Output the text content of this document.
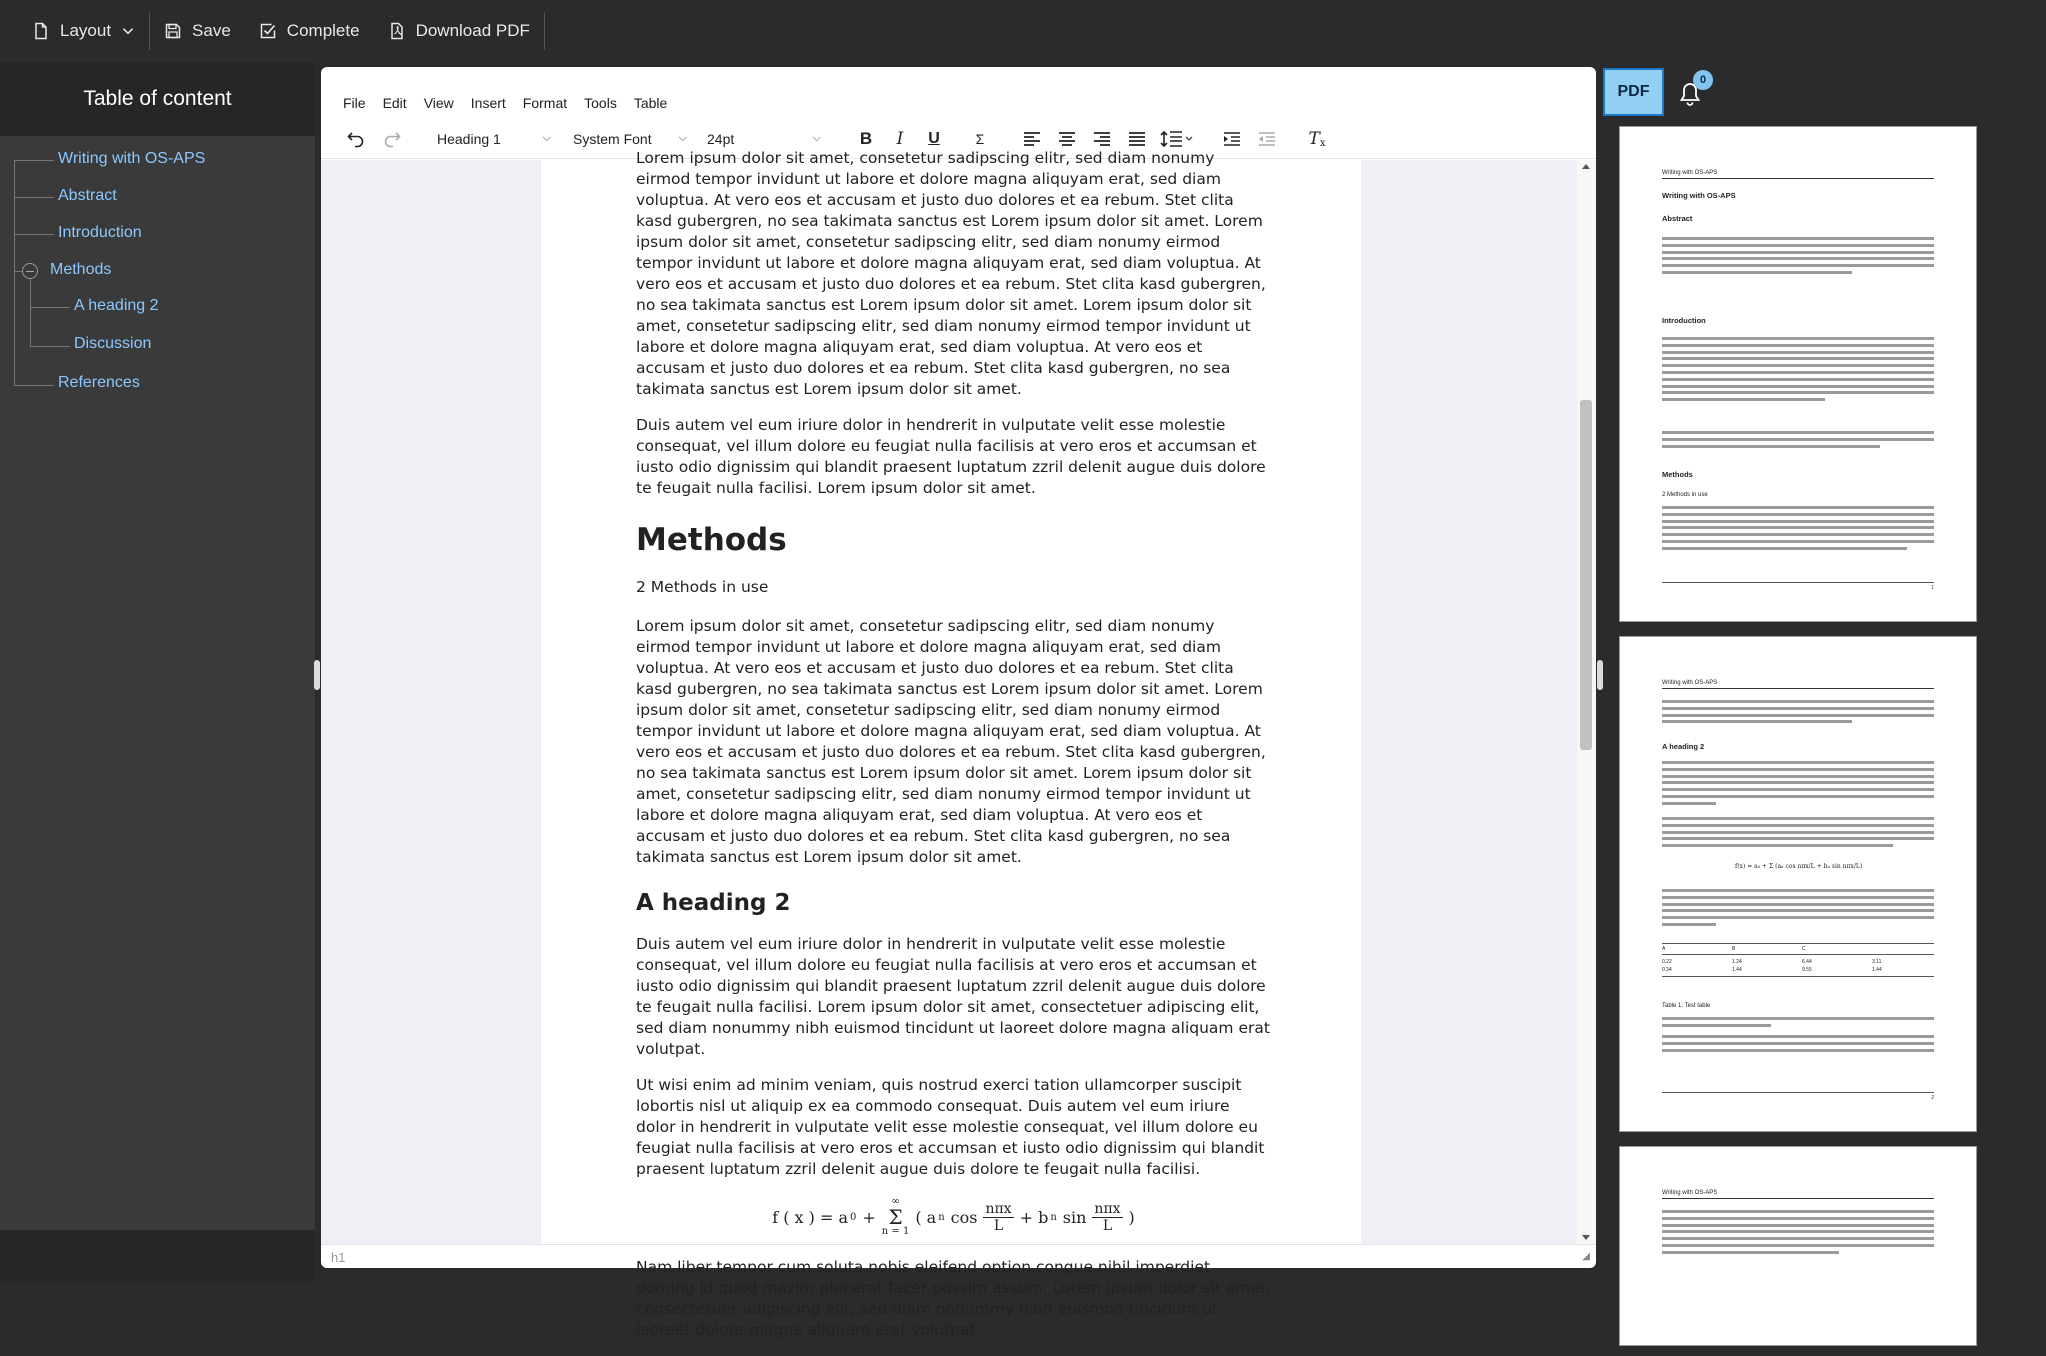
Layout	Save	Complete	Download PDF
Table of content
Writing with OS-APS
Abstract
Introduction
Methods
A heading 2
Discussion
References
File Edit View Insert Format Tools Table
Heading 1	⌵ System Font ⌵ 24pt	⌵	B	I	U	Σ	T x

Lorem ipsum dolor sit amet, consetetur sadipscing elitr, sed diam nonumy eirmod tempor invidunt ut labore et dolore magna aliquyam erat, sed diam voluptua. At vero eos et accusam et justo duo dolores et ea rebum. Stet clita kasd gubergren, no sea takimata sanctus est Lorem ipsum dolor sit amet. Lorem ipsum dolor sit amet, consetetur sadipscing elitr, sed diam nonumy eirmod tempor invidunt ut labore et dolore magna aliquyam erat, sed diam voluptua. At vero eos et accusam et justo duo dolores et ea rebum. Stet clita kasd gubergren, no sea takimata sanctus est Lorem ipsum dolor sit amet. Lorem ipsum dolor sit amet, consetetur sadipscing elitr, sed diam nonumy eirmod tempor invidunt ut labore et dolore magna aliquyam erat, sed diam voluptua. At vero eos et accusam et justo duo dolores et ea rebum. Stet clita kasd gubergren, no sea takimata sanctus est Lorem ipsum dolor sit amet.

Duis autem vel eum iriure dolor in hendrerit in vulputate velit esse molestie consequat, vel illum dolore eu feugiat nulla facilisis at vero eros et accumsan et iusto odio dignissim qui blandit praesent luptatum zzril delenit augue duis dolore te feugait nulla facilisi. Lorem ipsum dolor sit amet.

Methods

2 Methods in use

Lorem ipsum dolor sit amet, consetetur sadipscing elitr, sed diam nonumy eirmod tempor invidunt ut labore et dolore magna aliquyam erat, sed diam voluptua. At vero eos et accusam et justo duo dolores et ea rebum. Stet clita kasd gubergren, no sea takimata sanctus est Lorem ipsum dolor sit amet. Lorem ipsum dolor sit amet, consetetur sadipscing elitr, sed diam nonumy eirmod tempor invidunt ut labore et dolore magna aliquyam erat, sed diam voluptua. At vero eos et accusam et justo duo dolores et ea rebum. Stet clita kasd gubergren, no sea takimata sanctus est Lorem ipsum dolor sit amet. Lorem ipsum dolor sit amet, consetetur sadipscing elitr, sed diam nonumy eirmod tempor invidunt ut labore et dolore magna aliquyam erat, sed diam voluptua. At vero eos et accusam et justo duo dolores et ea rebum. Stet clita kasd gubergren, no sea takimata sanctus est Lorem ipsum dolor sit amet.

A heading 2

Duis autem vel eum iriure dolor in hendrerit in vulputate velit esse molestie consequat, vel illum dolore eu feugiat nulla facilisis at vero eros et accumsan et iusto odio dignissim qui blandit praesent luptatum zzril delenit augue duis dolore te feugait nulla facilisi. Lorem ipsum dolor sit amet, consectetuer adipiscing elit, sed diam nonummy nibh euismod tincidunt ut laoreet dolore magna aliquam erat volutpat.

Ut wisi enim ad minim veniam, quis nostrud exerci tation ullamcorper suscipit lobortis nisl ut aliquip ex ea commodo consequat. Duis autem vel eum iriure dolor in hendrerit in vulputate velit esse molestie consequat, vel illum dolore eu feugiat nulla facilisis at vero eros et accumsan et iusto odio dignissim qui blandit praesent luptatum zzril delenit augue duis dolore te feugait nulla facilisi.

f ( x ) = a 0 +
∞
Σ
n = 1
( a n $\cos \frac{\text{nπx}}{L} + b$ n $\sin \frac{\text{nπx}}{L}$ )

Nam liber tempor cum soluta nobis eleifend option congue nihil imperdiet doming id quod mazim placerat facer possim assum. Lorem ipsum dolor sit amet, consectetuer adipiscing elit, sed diam nonummy nibh euismod tincidunt ut laoreet dolore magna aliquam erat volutpat.

h1	◢
PDF
0
Writing with OS-APS
Writing with OS-APS
Abstract
Introduction
Methods
2 Methods in use
1
Writing with OS-APS
A heading 2
f(x) = a₀ + Σ (aₙ cos nπx/L + bₙ sin nπx/L)
A	B	C
0.22	1.24	6.44	3.11
0.34	1.44	9.55	1.44
Table 1: Test table
2
Writing with OS-APS
